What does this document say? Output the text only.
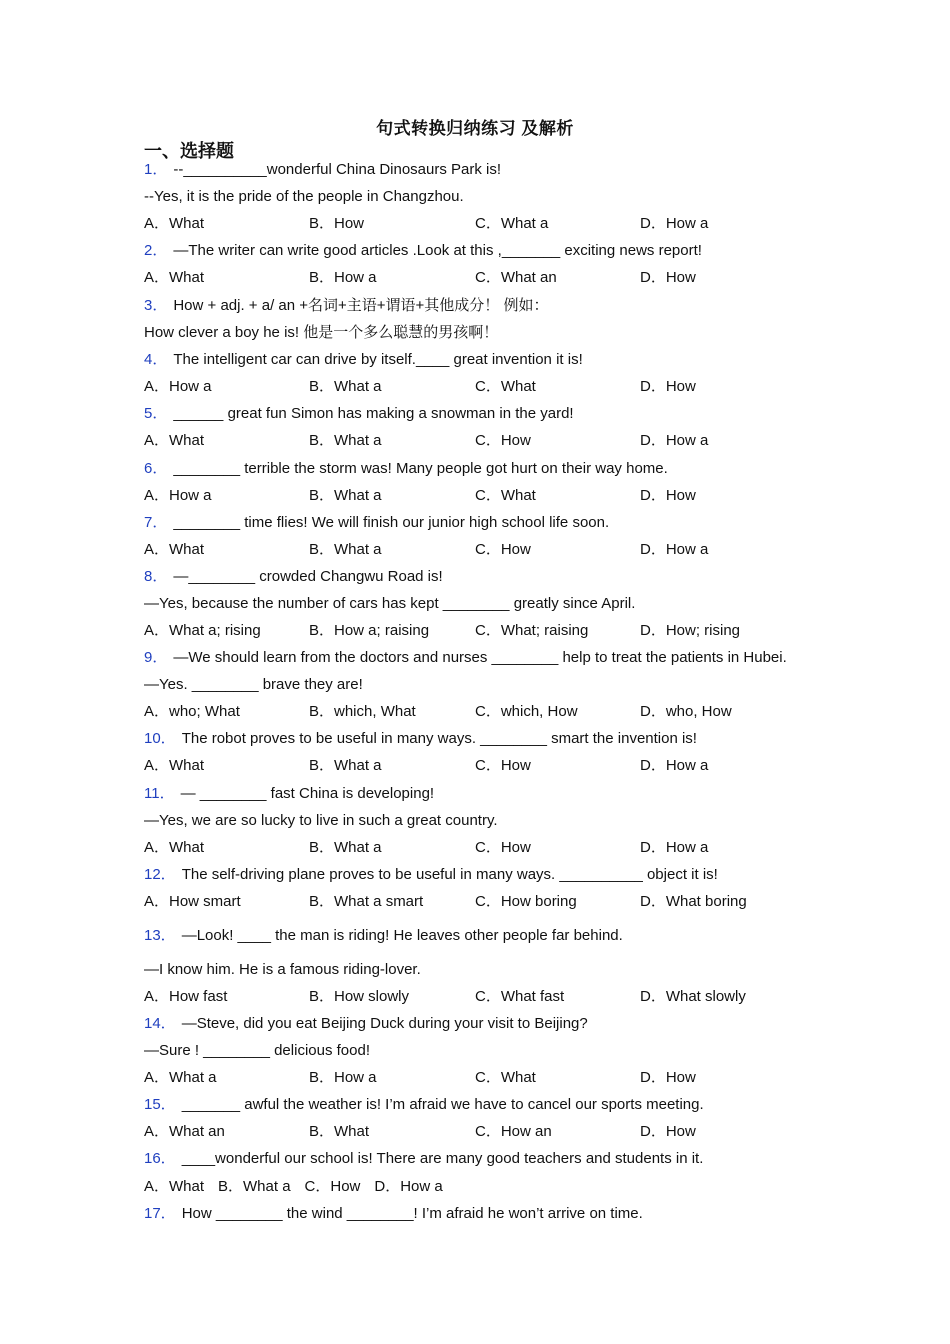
句式转换归纳练习 及解析
一、选择题
1． --__________wonderful China Dinosaurs Park is!
--Yes, it is the pride of the people in Changzhou.
A．What	B．How	C．What a	D．How a
2． —The writer can write good articles .Look at this ,_______ exciting news report!
A．What	B．How a	C．What an	D．How
3． How + adj. + a/ an +名词+主语+谓语+其他成分！ 例如：
How clever a boy he is! 他是一个多么聪慧的男孩啊！
4． The intelligent car can drive by itself.____ great invention it is!
A．How a	B．What a	C．What	D．How
5． ______ great fun Simon has making a snowman in the yard!
A．What	B．What a	C．How	D．How a
6． ________ terrible the storm was! Many people got hurt on their way home.
A．How a	B．What a	C．What	D．How
7． ________ time flies! We will finish our junior high school life soon.
A．What	B．What a	C．How	D．How a
8． —________ crowded Changwu Road is!
—Yes, because the number of cars has kept ________ greatly since April.
A．What a; rising	B．How a; raising	C．What; raising	D．How; rising
9． —We should learn from the doctors and nurses ________ help to treat the patients in Hubei.
—Yes. ________ brave they are!
A．who; What	B．which, What	C．which, How	D．who, How
10． The robot proves to be useful in many ways. ________ smart the invention is!
A．What	B．What a	C．How	D．How a
11． — ________ fast China is developing!
—Yes, we are so lucky to live in such a great country.
A．What	B．What a	C．How	D．How a
12． The self-driving plane proves to be useful in many ways. __________ object it is!
A．How smart	B．What a smart	C．How boring	D．What boring
13． —Look! ____ the man is riding! He leaves other people far behind.
—I know him. He is a famous riding-lover.
A．How fast	B．How slowly	C．What fast	D．What slowly
14． —Steve, did you eat Beijing Duck during your visit to Beijing?
—Sure ! ________ delicious food!
A．What a	B．How a	C．What	D．How
15． _______ awful the weather is! I’m afraid we have to cancel our sports meeting.
A．What an	B．What	C．How an	D．How
16． ____wonderful our school is! There are many good teachers and students in it.
A．What B．What a C．How D．How a
17． How ________ the wind ________! I’m afraid he won’t arrive on time.
